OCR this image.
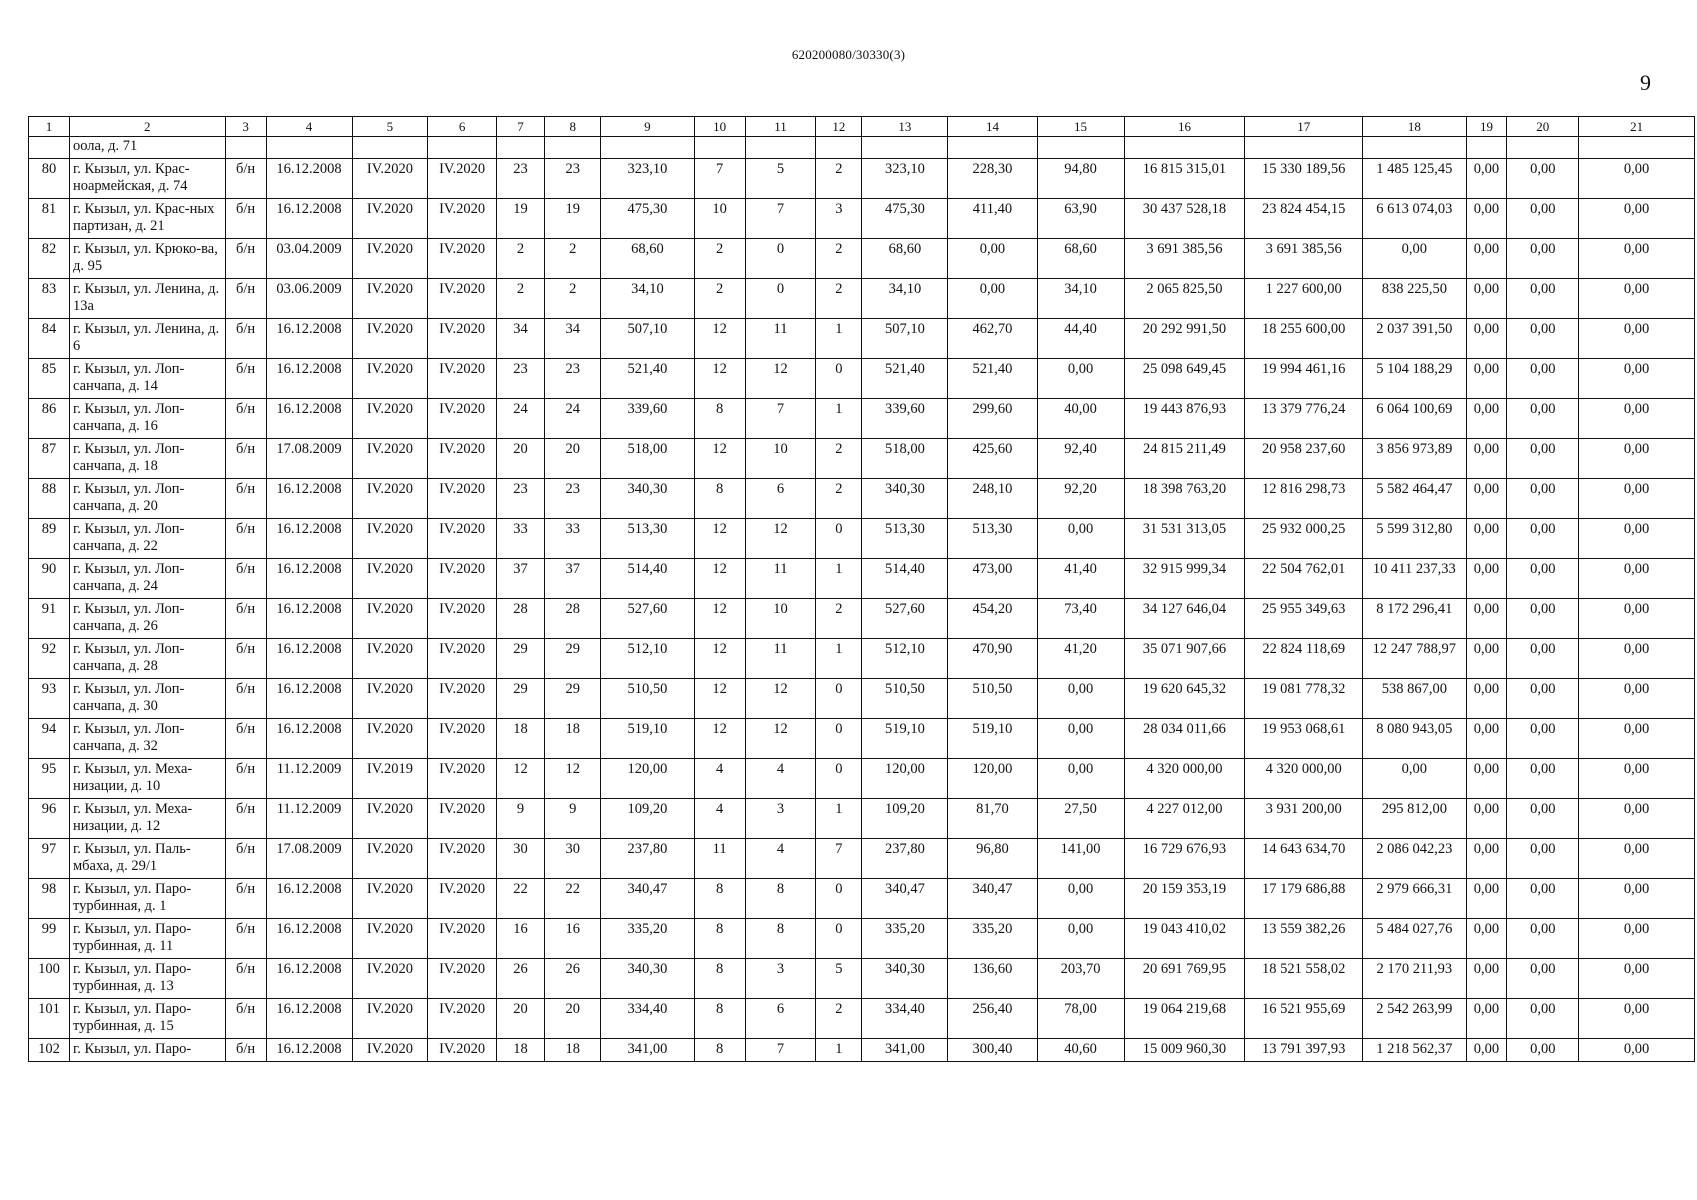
620200080/30330(3)
9
1	2	3	4	5	6	7	8	9	10	11	12	13	14	15	16	17	18	19	20	21
	оола, д. 71																			
80	г. Кызыл, ул. Крас-ноармейская, д. 74	б/н	16.12.2008	IV.2020	IV.2020	23	23	323,10	7	5	2	323,10	228,30	94,80	16 815 315,01	15 330 189,56	1 485 125,45	0,00	0,00	0,00
81	г. Кызыл, ул. Крас-ных партизан, д. 21	б/н	16.12.2008	IV.2020	IV.2020	19	19	475,30	10	7	3	475,30	411,40	63,90	30 437 528,18	23 824 454,15	6 613 074,03	0,00	0,00	0,00
82	г. Кызыл, ул. Крюко-ва, д. 95	б/н	03.04.2009	IV.2020	IV.2020	2	2	68,60	2	0	2	68,60	0,00	68,60	3 691 385,56	3 691 385,56	0,00	0,00	0,00	0,00
83	г. Кызыл, ул. Ленина, д. 13а	б/н	03.06.2009	IV.2020	IV.2020	2	2	34,10	2	0	2	34,10	0,00	34,10	2 065 825,50	1 227 600,00	838 225,50	0,00	0,00	0,00
84	г. Кызыл, ул. Ленина, д. 6	б/н	16.12.2008	IV.2020	IV.2020	34	34	507,10	12	11	1	507,10	462,70	44,40	20 292 991,50	18 255 600,00	2 037 391,50	0,00	0,00	0,00
85	г. Кызыл, ул. Лоп-санчапа, д. 14	б/н	16.12.2008	IV.2020	IV.2020	23	23	521,40	12	12	0	521,40	521,40	0,00	25 098 649,45	19 994 461,16	5 104 188,29	0,00	0,00	0,00
86	г. Кызыл, ул. Лоп-санчапа, д. 16	б/н	16.12.2008	IV.2020	IV.2020	24	24	339,60	8	7	1	339,60	299,60	40,00	19 443 876,93	13 379 776,24	6 064 100,69	0,00	0,00	0,00
87	г. Кызыл, ул. Лоп-санчапа, д. 18	б/н	17.08.2009	IV.2020	IV.2020	20	20	518,00	12	10	2	518,00	425,60	92,40	24 815 211,49	20 958 237,60	3 856 973,89	0,00	0,00	0,00
88	г. Кызыл, ул. Лоп-санчапа, д. 20	б/н	16.12.2008	IV.2020	IV.2020	23	23	340,30	8	6	2	340,30	248,10	92,20	18 398 763,20	12 816 298,73	5 582 464,47	0,00	0,00	0,00
89	г. Кызыл, ул. Лоп-санчапа, д. 22	б/н	16.12.2008	IV.2020	IV.2020	33	33	513,30	12	12	0	513,30	513,30	0,00	31 531 313,05	25 932 000,25	5 599 312,80	0,00	0,00	0,00
90	г. Кызыл, ул. Лоп-санчапа, д. 24	б/н	16.12.2008	IV.2020	IV.2020	37	37	514,40	12	11	1	514,40	473,00	41,40	32 915 999,34	22 504 762,01	10 411 237,33	0,00	0,00	0,00
91	г. Кызыл, ул. Лоп-санчапа, д. 26	б/н	16.12.2008	IV.2020	IV.2020	28	28	527,60	12	10	2	527,60	454,20	73,40	34 127 646,04	25 955 349,63	8 172 296,41	0,00	0,00	0,00
92	г. Кызыл, ул. Лоп-санчапа, д. 28	б/н	16.12.2008	IV.2020	IV.2020	29	29	512,10	12	11	1	512,10	470,90	41,20	35 071 907,66	22 824 118,69	12 247 788,97	0,00	0,00	0,00
93	г. Кызыл, ул. Лоп-санчапа, д. 30	б/н	16.12.2008	IV.2020	IV.2020	29	29	510,50	12	12	0	510,50	510,50	0,00	19 620 645,32	19 081 778,32	538 867,00	0,00	0,00	0,00
94	г. Кызыл, ул. Лоп-санчапа, д. 32	б/н	16.12.2008	IV.2020	IV.2020	18	18	519,10	12	12	0	519,10	519,10	0,00	28 034 011,66	19 953 068,61	8 080 943,05	0,00	0,00	0,00
95	г. Кызыл, ул. Меха-низации, д. 10	б/н	11.12.2009	IV.2019	IV.2020	12	12	120,00	4	4	0	120,00	120,00	0,00	4 320 000,00	4 320 000,00	0,00	0,00	0,00	0,00
96	г. Кызыл, ул. Меха-низации, д. 12	б/н	11.12.2009	IV.2020	IV.2020	9	9	109,20	4	3	1	109,20	81,70	27,50	4 227 012,00	3 931 200,00	295 812,00	0,00	0,00	0,00
97	г. Кызыл, ул. Паль-мбаха, д. 29/1	б/н	17.08.2009	IV.2020	IV.2020	30	30	237,80	11	4	7	237,80	96,80	141,00	16 729 676,93	14 643 634,70	2 086 042,23	0,00	0,00	0,00
98	г. Кызыл, ул. Паро-турбинная, д. 1	б/н	16.12.2008	IV.2020	IV.2020	22	22	340,47	8	8	0	340,47	340,47	0,00	20 159 353,19	17 179 686,88	2 979 666,31	0,00	0,00	0,00
99	г. Кызыл, ул. Паро-турбинная, д. 11	б/н	16.12.2008	IV.2020	IV.2020	16	16	335,20	8	8	0	335,20	335,20	0,00	19 043 410,02	13 559 382,26	5 484 027,76	0,00	0,00	0,00
100	г. Кызыл, ул. Паро-турбинная, д. 13	б/н	16.12.2008	IV.2020	IV.2020	26	26	340,30	8	3	5	340,30	136,60	203,70	20 691 769,95	18 521 558,02	2 170 211,93	0,00	0,00	0,00
101	г. Кызыл, ул. Паро-турбинная, д. 15	б/н	16.12.2008	IV.2020	IV.2020	20	20	334,40	8	6	2	334,40	256,40	78,00	19 064 219,68	16 521 955,69	2 542 263,99	0,00	0,00	0,00
102	г. Кызыл, ул. Паро-	б/н	16.12.2008	IV.2020	IV.2020	18	18	341,00	8	7	1	341,00	300,40	40,60	15 009 960,30	13 791 397,93	1 218 562,37	0,00	0,00	0,00
